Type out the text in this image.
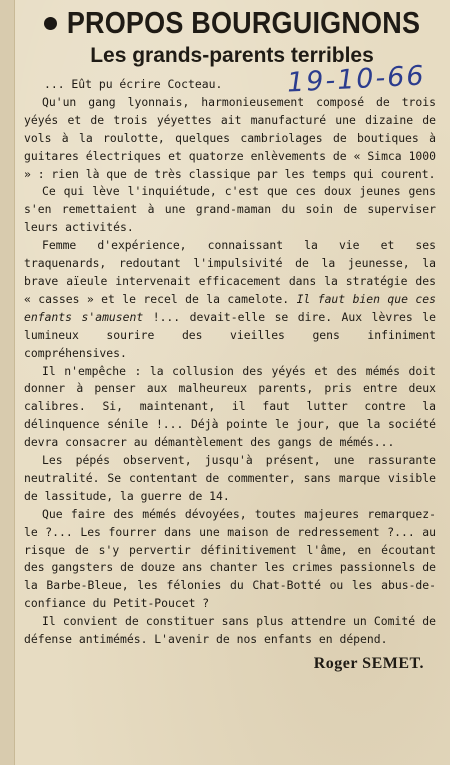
PROPOS BOURGUIGNONS
Les grands-parents terribles
19-10-66

... Eût pu écrire Cocteau.

Qu'un gang lyonnais, harmonieusement composé de trois yéyés et de trois yéyettes ait manufacturé une dizaine de vols à la roulotte, quelques cambriolages de boutiques à guitares électriques et quatorze enlèvements de « Simca 1000 » : rien là que de très classique par les temps qui courent.

Ce qui lève l'inquiétude, c'est que ces doux jeunes gens s'en remettaient à une grand-maman du soin de superviser leurs activités.

Femme d'expérience, connaissant la vie et ses traquenards, redoutant l'impulsivité de la jeunesse, la brave aïeule intervenait efficacement dans la stratégie des « casses » et le recel de la camelote. Il faut bien que ces enfants s'amusent !... devait-elle se dire. Aux lèvres le lumineux sourire des vieilles gens infiniment compréhensives.

Il n'empêche : la collusion des yéyés et des mémés doit donner à penser aux malheureux parents, pris entre deux calibres. Si, maintenant, il faut lutter contre la délinquence sénile !... Déjà pointe le jour, que la société devra consacrer au démantèlement des gangs de mémés...

Les pépés observent, jusqu'à présent, une rassurante neutralité. Se contentant de commenter, sans marque visible de lassitude, la guerre de 14.

Que faire des mémés dévoyées, toutes majeures remarquez-le ?... Les fourrer dans une maison de redressement ?... au risque de s'y pervertir définitivement l'âme, en écoutant des gangsters de douze ans chanter les crimes passionnels de la Barbe-Bleue, les félonies du Chat-Botté ou les abus-de-confiance du Petit-Poucet ?

Il convient de constituer sans plus attendre un Comité de défense antimémés. L'avenir de nos enfants en dépend.

Roger SEMET.
